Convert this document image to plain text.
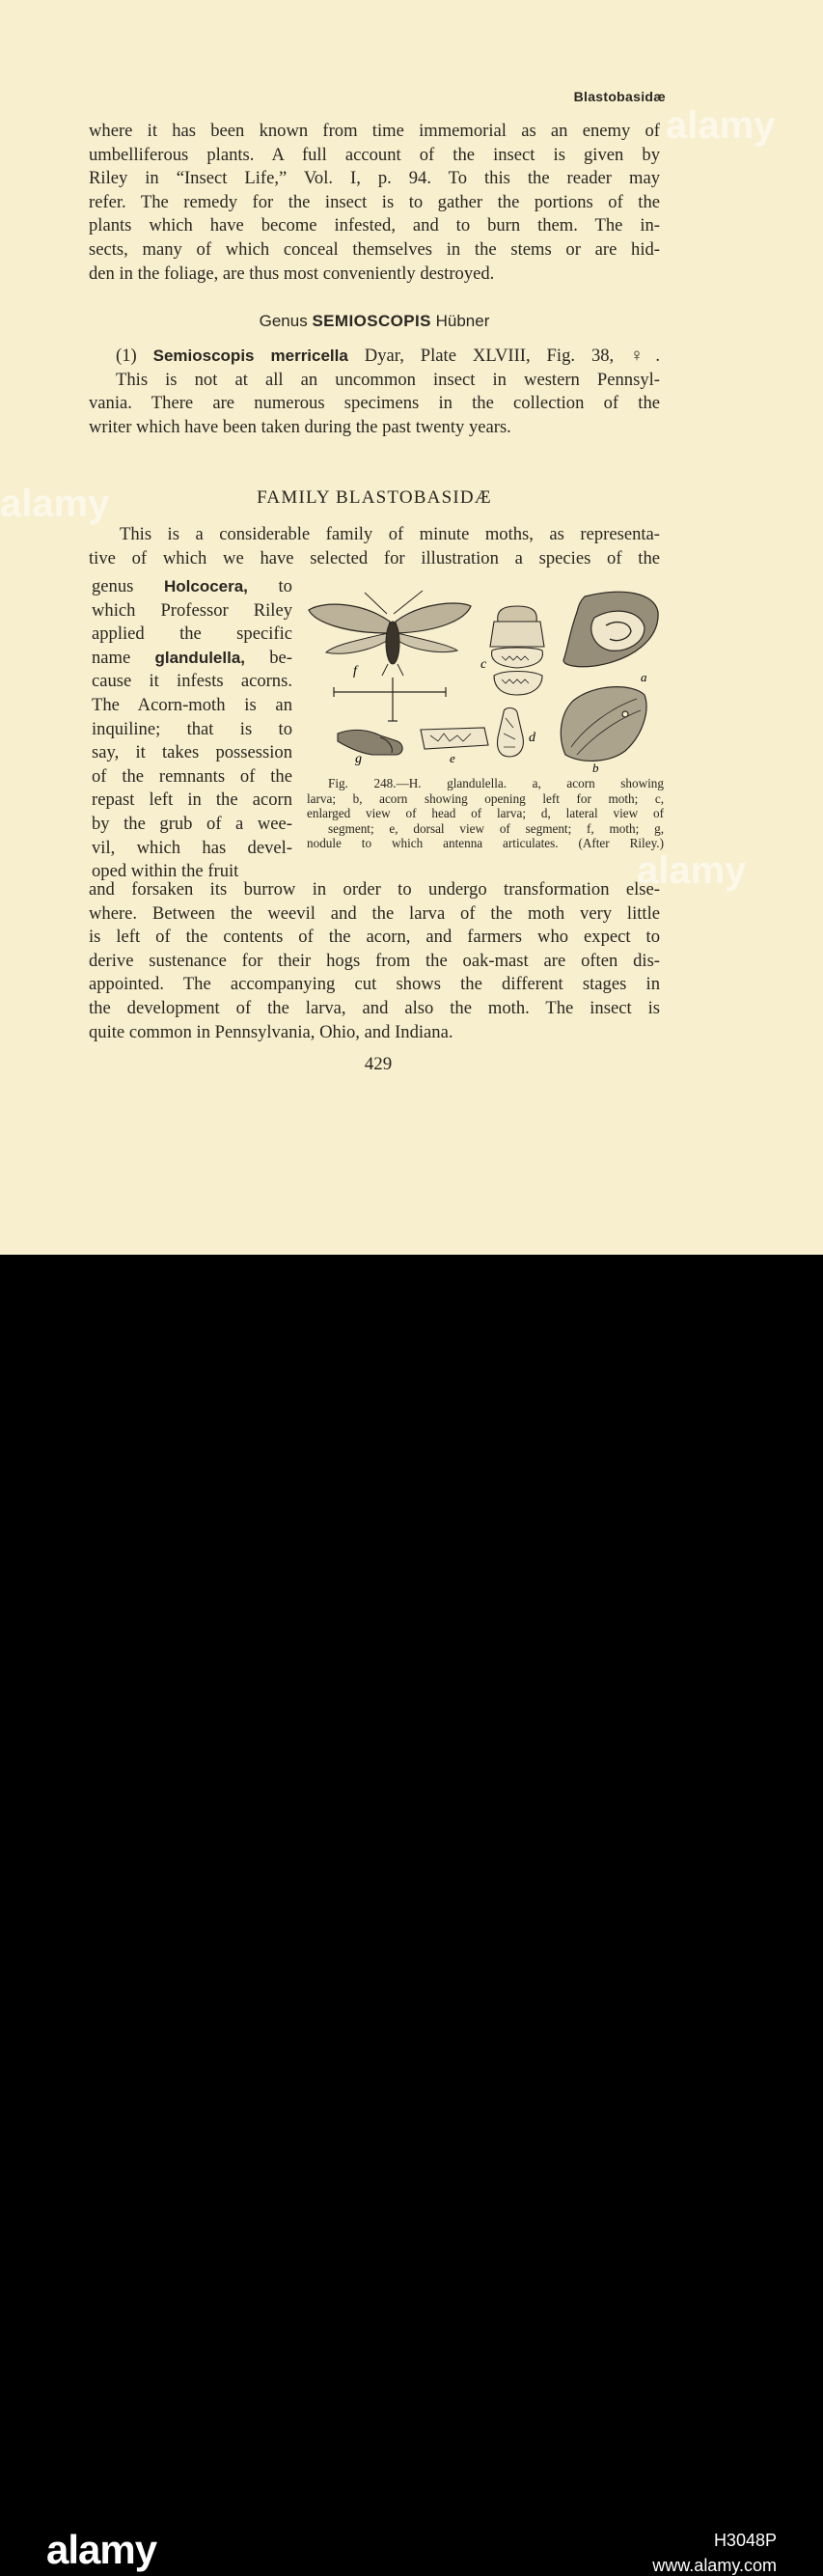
alamy
alamy
alamy
Blastobasidæ
where it has been known from time immemorial as an enemy of
umbelliferous plants. A full account of the insect is given by
Riley in “Insect Life,” Vol. I, p. 94. To this the reader may
refer. The remedy for the insect is to gather the portions of the
plants which have become infested, and to burn them. The in-
sects, many of which conceal themselves in the stems or are hid-
den in the foliage, are thus most conveniently destroyed.
Genus SEMIOSCOPIS Hübner
(1) Semioscopis merricella Dyar, Plate XLVIII, Fig. 38, ♀.
This is not at all an uncommon insect in western Pennsyl-
vania. There are numerous specimens in the collection of the
writer which have been taken during the past twenty years.
FAMILY BLASTOBASIDÆ
This is a considerable family of minute moths, as representa-
tive of which we have selected for illustration a species of the
genus Holcocera, to
which Professor Riley
applied the specific
name glandulella, be-
cause it infests acorns.
The Acorn-moth is an
inquiline; that is to
say, it takes possession
of the remnants of the
repast left in the acorn
by the grub of a wee-
vil, which has devel-
oped within the fruit
f	c
a
b
d
e
g
Fig. 248.—H. glandulella. a, acorn showing
larva; b, acorn showing opening left for moth; c,
enlarged view of head of larva; d, lateral view of
segment; e, dorsal view of segment; f, moth; g,
nodule to which antenna articulates. (After Riley.)
and forsaken its burrow in order to undergo transformation else-
where. Between the weevil and the larva of the moth very little
is left of the contents of the acorn, and farmers who expect to
derive sustenance for their hogs from the oak-mast are often dis-
appointed. The accompanying cut shows the different stages in
the development of the larva, and also the moth. The insect is
quite common in Pennsylvania, Ohio, and Indiana.
429
alamy	H3048P
www.alamy.com
